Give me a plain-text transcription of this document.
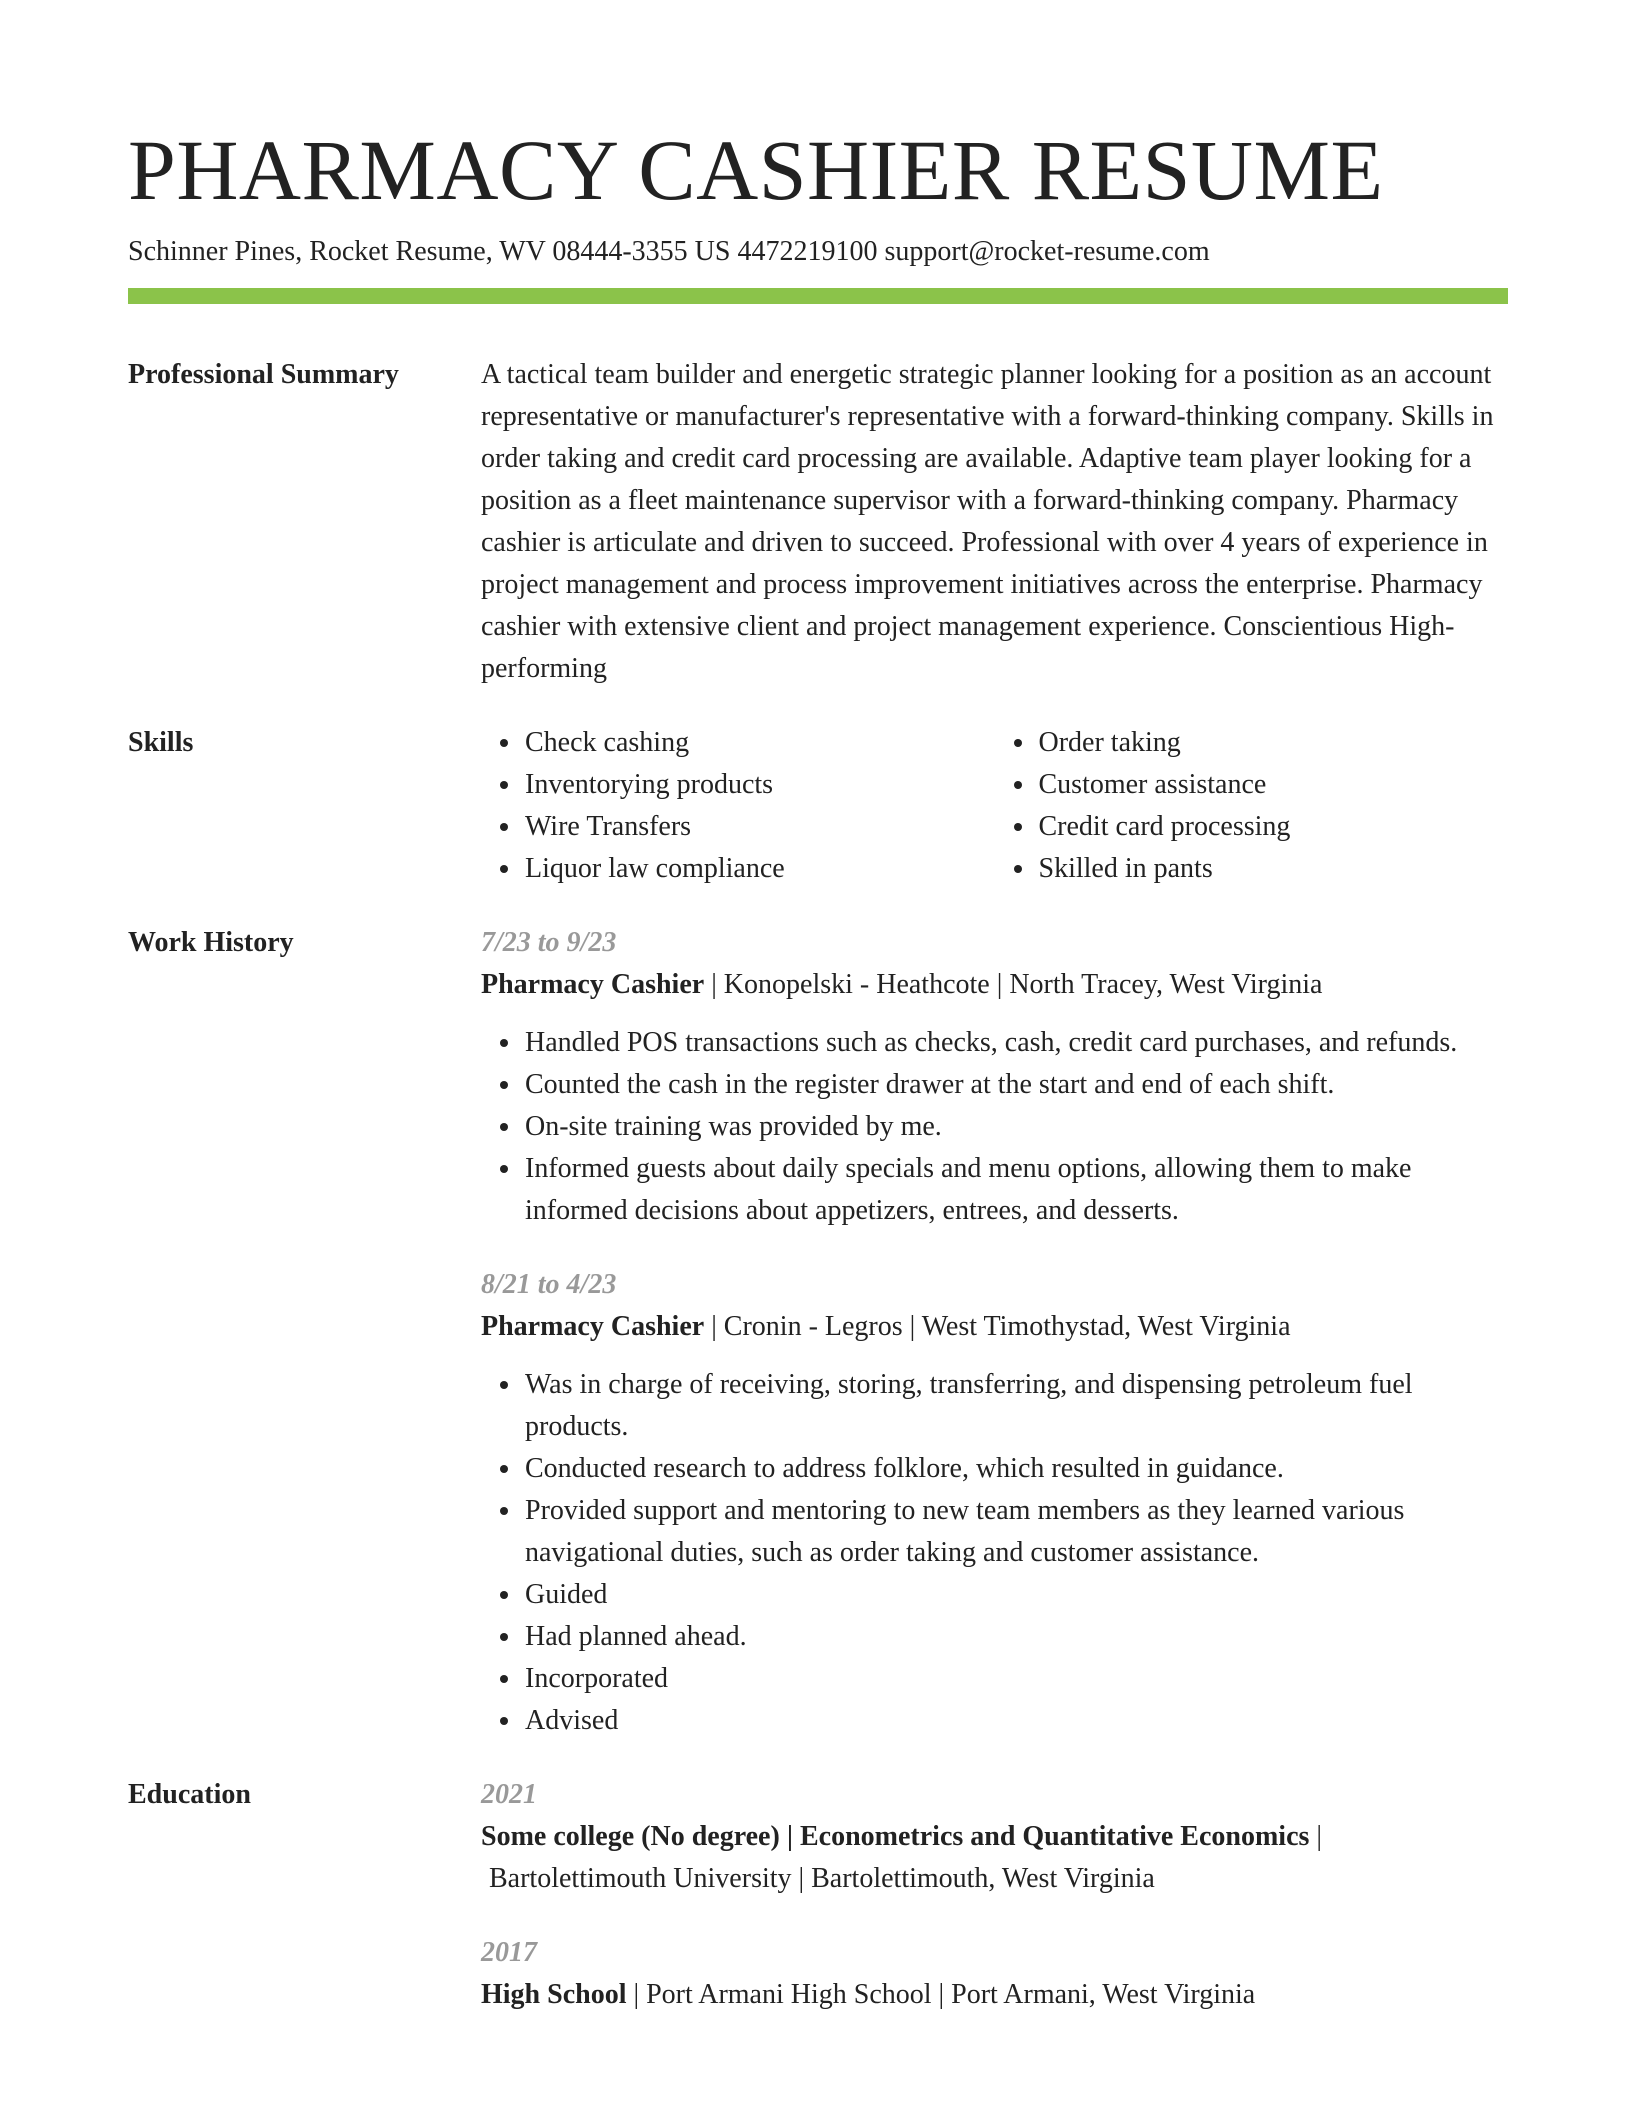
PHARMACY CASHIER RESUME
Schinner Pines, Rocket Resume, WV 08444-3355 US 4472219100 support@rocket-resume.com
Professional Summary	A tactical team builder and energetic strategic planner looking for a position as an account representative or manufacturer's representative with a forward-thinking company. Skills in order taking and credit card processing are available. Adaptive team player looking for a position as a fleet maintenance supervisor with a forward-thinking company. Pharmacy cashier is articulate and driven to succeed. Professional with over 4 years of experience in project management and process improvement initiatives across the enterprise. Pharmacy cashier with extensive client and project management experience. Conscientious High-performing
Skills	Check cashing
Inventorying products
Wire Transfers
Liquor law compliance
Order taking
Customer assistance
Credit card processing
Skilled in pants
Work History	7/23 to 9/23
Pharmacy Cashier | Konopelski - Heathcote | North Tracey, West Virginia
Handled POS transactions such as checks, cash, credit card purchases, and refunds.
Counted the cash in the register drawer at the start and end of each shift.
On-site training was provided by me.
Informed guests about daily specials and menu options, allowing them to make informed decisions about appetizers, entrees, and desserts.
8/21 to 4/23
Pharmacy Cashier | Cronin - Legros | West Timothystad, West Virginia
Was in charge of receiving, storing, transferring, and dispensing petroleum fuel products.
Conducted research to address folklore, which resulted in guidance.
Provided support and mentoring to new team members as they learned various navigational duties, such as order taking and customer assistance.
Guided
Had planned ahead.
Incorporated
Advised
Education	2021
Some college (No degree) | Econometrics and Quantitative Economics |
Bartolettimouth University | Bartolettimouth, West Virginia
2017
High School | Port Armani High School | Port Armani, West Virginia
